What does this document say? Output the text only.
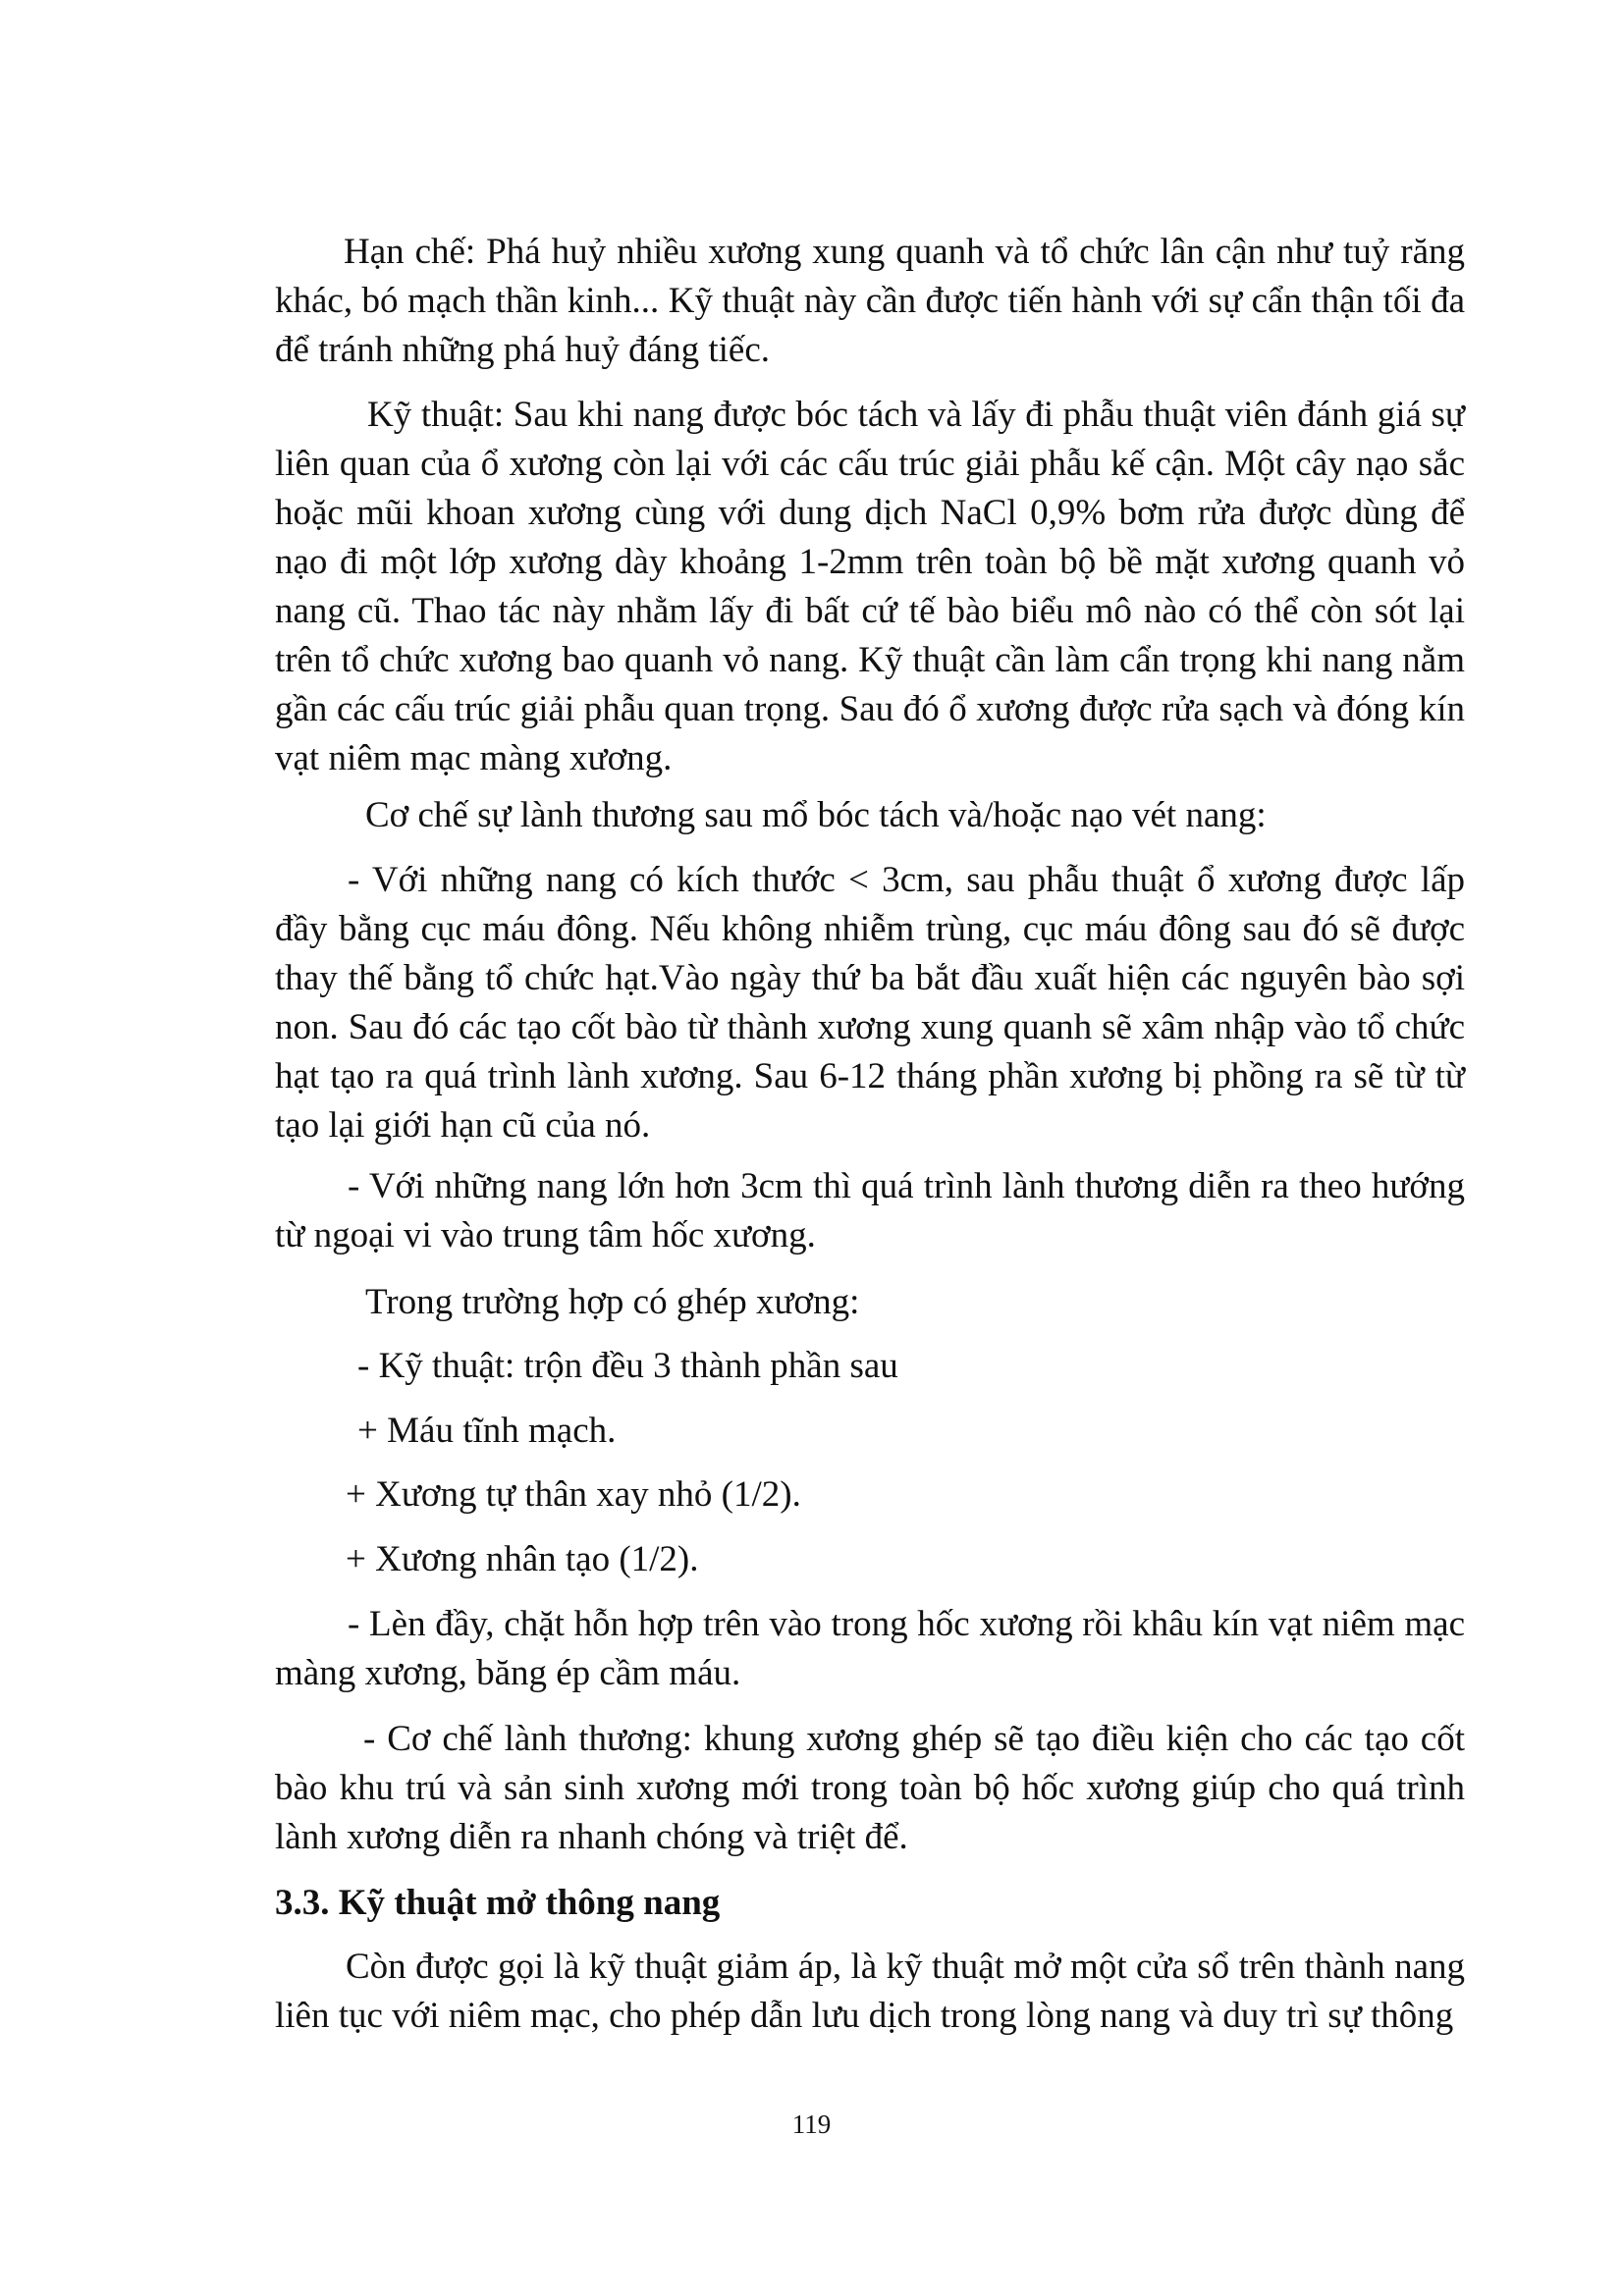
Hạn chế: Phá huỷ nhiều xương xung quanh và tổ chức lân cận như tuỷ răng khác, bó mạch thần kinh... Kỹ thuật này cần được tiến hành với sự cẩn thận tối đa để tránh những phá huỷ đáng tiếc.

Kỹ thuật: Sau khi nang được bóc tách và lấy đi phẫu thuật viên đánh giá sự liên quan của ổ xương còn lại với các cấu trúc giải phẫu kế cận. Một cây nạo sắc hoặc mũi khoan xương cùng với dung dịch NaCl 0,9% bơm rửa được dùng để nạo đi một lớp xương dày khoảng 1-2mm trên toàn bộ bề mặt xương quanh vỏ nang cũ. Thao tác này nhằm lấy đi bất cứ tế bào biểu mô nào có thể còn sót lại trên tổ chức xương bao quanh vỏ nang. Kỹ thuật cần làm cẩn trọng khi nang nằm gần các cấu trúc giải phẫu quan trọng. Sau đó ổ xương được rửa sạch và đóng kín vạt niêm mạc màng xương.

Cơ chế sự lành thương sau mổ bóc tách và/hoặc nạo vét nang:

- Với những nang có kích thước < 3cm, sau phẫu thuật ổ xương được lấp đầy bằng cục máu đông. Nếu không nhiễm trùng, cục máu đông sau đó sẽ được thay thế bằng tổ chức hạt.Vào ngày thứ ba bắt đầu xuất hiện các nguyên bào sợi non. Sau đó các tạo cốt bào từ thành xương xung quanh sẽ xâm nhập vào tổ chức hạt tạo ra quá trình lành xương. Sau 6-12 tháng phần xương bị phồng ra sẽ từ từ tạo lại giới hạn cũ của nó.

- Với những nang lớn hơn 3cm thì quá trình lành thương diễn ra theo hướng từ ngoại vi vào trung tâm hốc xương.

Trong trường hợp có ghép xương:

- Kỹ thuật: trộn đều 3 thành phần sau

+ Máu tĩnh mạch.

+ Xương tự thân xay nhỏ (1/2).

+ Xương nhân tạo (1/2).

- Lèn đầy, chặt hỗn hợp trên vào trong hốc xương rồi khâu kín vạt niêm mạc màng xương, băng ép cầm máu.

- Cơ chế lành thương: khung xương ghép sẽ tạo điều kiện cho các tạo cốt bào khu trú và sản sinh xương mới trong toàn bộ hốc xương giúp cho quá trình lành xương diễn ra nhanh chóng và triệt để.

3.3. Kỹ thuật mở thông nang

Còn được gọi là kỹ thuật giảm áp, là kỹ thuật mở một cửa sổ trên thành nang liên tục với niêm mạc, cho phép dẫn lưu dịch trong lòng nang và duy trì sự thông

119
